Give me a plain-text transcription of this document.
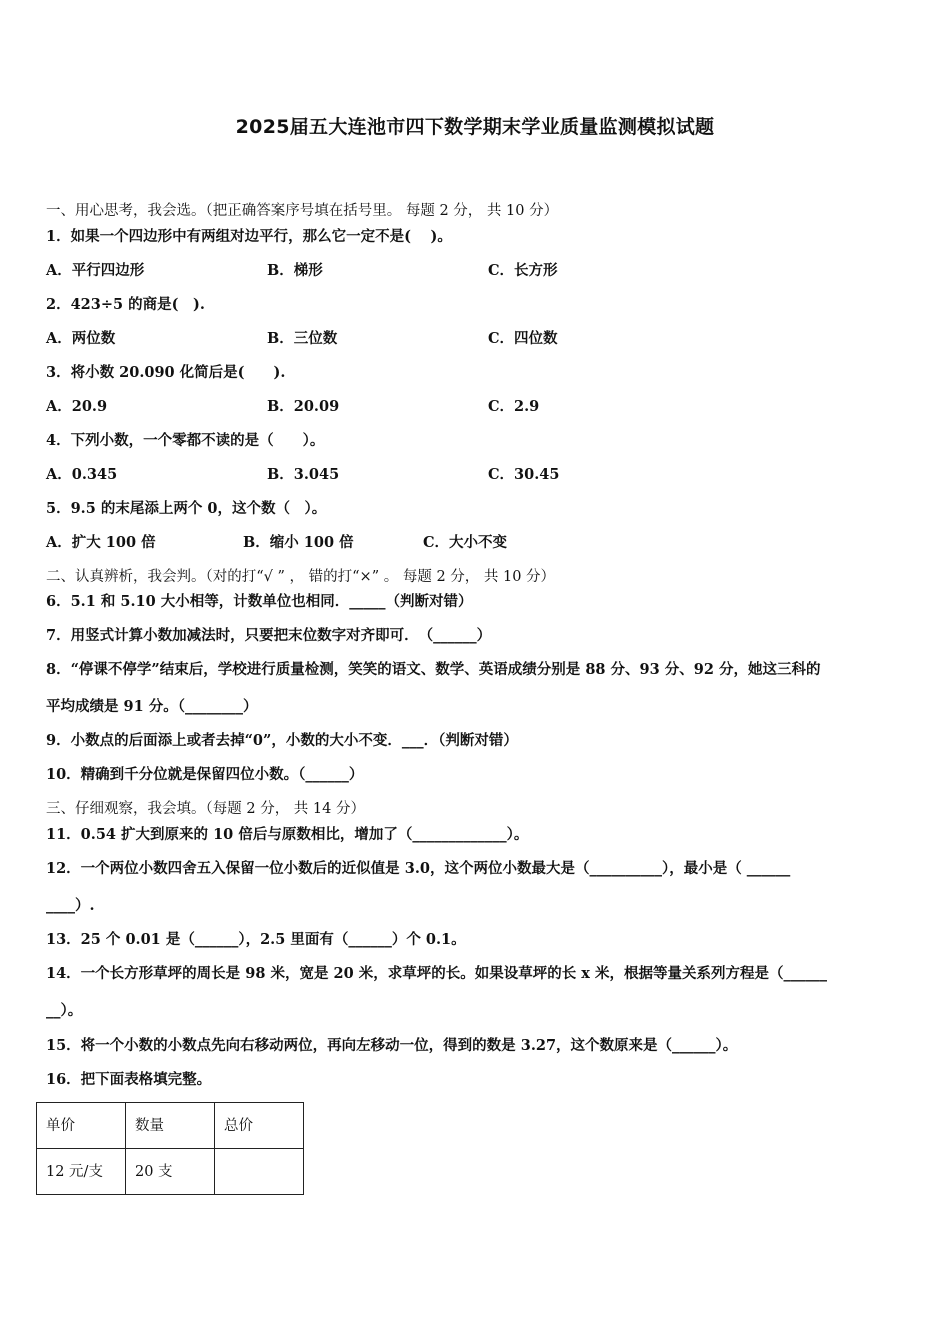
2025届五大连池市四下数学期末学业质量监测模拟试题
一、用心思考，我会选。（把正确答案序号填在括号里。 每题 2 分， 共 10 分）
1．如果一个四边形中有两组对边平行，那么它一定不是(　 )。
A．平行四边形	B．梯形	C．长方形
2．423÷5 的商是(　).
A．两位数	B．三位数	C．四位数
3．将小数 20.090 化简后是(　　).
A．20.9	B．20.09	C．2.9
4．下列小数，一个零都不读的是（　　）。
A．0.345	B．3.045	C．30.45
5．9.5 的末尾添上两个 0，这个数（　）。
A．扩大 100 倍	B．缩小 100 倍	C．大小不变
二、认真辨析，我会判。（对的打“√ ” ， 错的打“×” 。 每题 2 分， 共 10 分）
6．5.1 和 5.10 大小相等，计数单位也相同．_____（判断对错）
7．用竖式计算小数加减法时，只要把末位数字对齐即可．　（______）
8．“停课不停学”结束后，学校进行质量检测，笑笑的语文、数学、英语成绩分别是 88 分、93 分、92 分，她这三科的
平均成绩是 91 分。（________）
9．小数点的后面添上或者去掉“0”，小数的大小不变．___．（判断对错）
10．精确到千分位就是保留四位小数。（______）
三、仔细观察，我会填。（每题 2 分， 共 14 分）
11．0.54 扩大到原来的 10 倍后与原数相比，增加了（_____________）。
12．一个两位小数四舍五入保留一位小数后的近似值是 3.0，这个两位小数最大是（__________），最小是（ ______
____）.
13．25 个 0.01 是（______），2.5 里面有（______）个 0.1。
14．一个长方形草坪的周长是 98 米，宽是 20 米，求草坪的长。如果设草坪的长 x 米，根据等量关系列方程是（______
__）。
15．将一个小数的小数点先向右移动两位，再向左移动一位，得到的数是 3.27，这个数原来是（______）。
16．把下面表格填完整。
单价	数量	总价

12 元/支	20 支	
